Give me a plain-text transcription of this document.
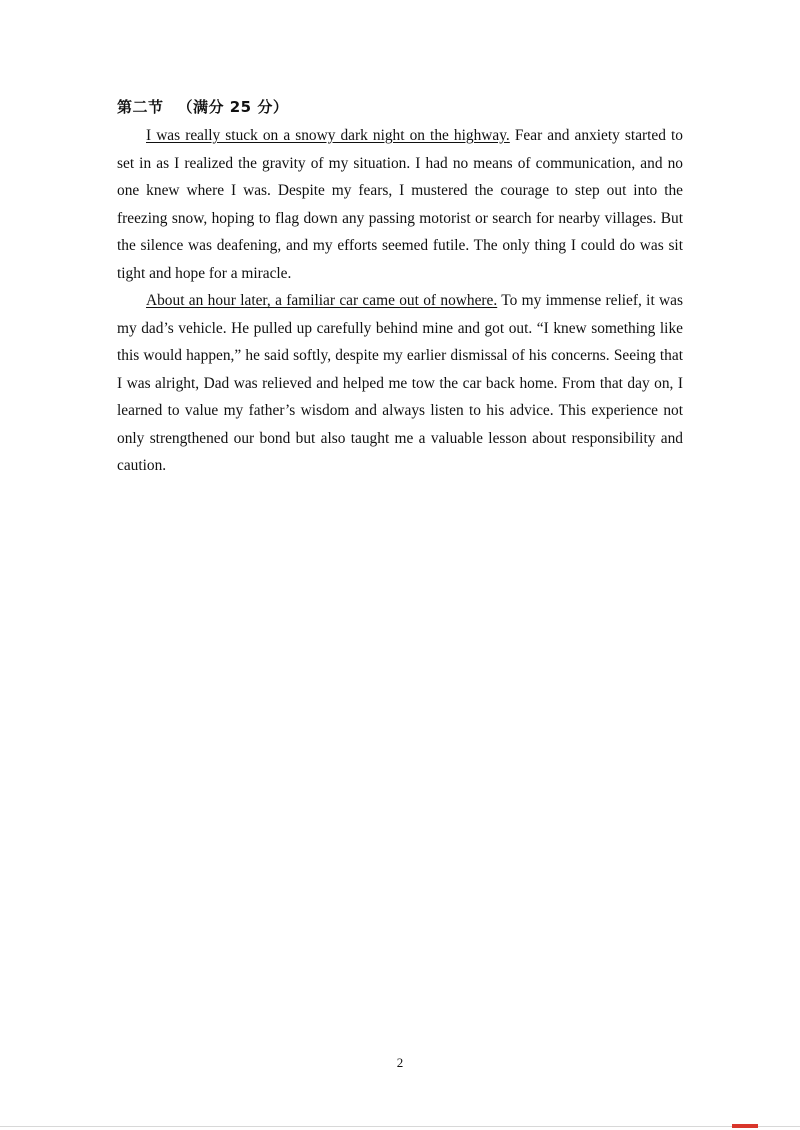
第二节 （满分 25 分）

I was really stuck on a snowy dark night on the highway. Fear and anxiety started to set in as I realized the gravity of my situation. I had no means of communication, and no one knew where I was. Despite my fears, I mustered the courage to step out into the freezing snow, hoping to flag down any passing motorist or search for nearby villages. But the silence was deafening, and my efforts seemed futile. The only thing I could do was sit tight and hope for a miracle.

About an hour later, a familiar car came out of nowhere. To my immense relief, it was my dad’s vehicle. He pulled up carefully behind mine and got out. “I knew something like this would happen,” he said softly, despite my earlier dismissal of his concerns. Seeing that I was alright, Dad was relieved and helped me tow the car back home. From that day on, I learned to value my father’s wisdom and always listen to his advice. This experience not only strengthened our bond but also taught me a valuable lesson about responsibility and caution.

2
